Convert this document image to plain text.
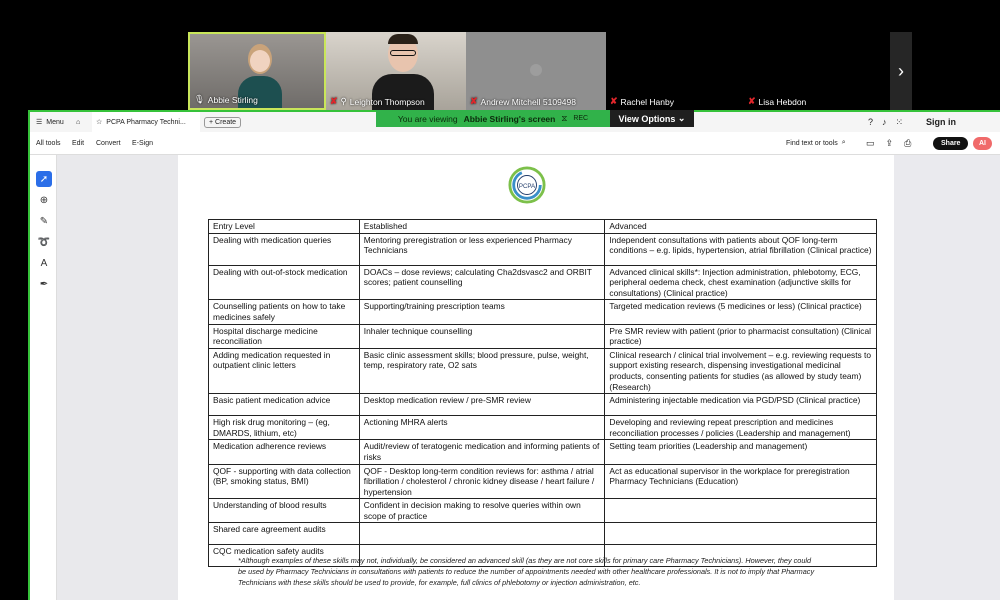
🎙 Abbie Stirling	✘ ⚲ Leighton Thompson	✘ Andrew Mitchell 5109498	✘ Rachel Hanby	✘ Lisa Hebdon
›
You are viewing Abbie Stirling's screen ⧖ REC	View Options
⌄
☰ Menu ⌂ ☆ PCPA Pharmacy Techni...	+ Create	? ♪ ⁙	Sign in
All tools Edit Convert E-Sign	Find text or tools ⌕ ▭ ⇪ ⎙	Share	AI
➚
⊕
✎
➰
A
✒
PCPA
Entry Level	Established	Advanced
Dealing with medication queries	Mentoring preregistration or less experienced Pharmacy Technicians	Independent consultations with patients about QOF long-term conditions – e.g. lipids, hypertension, atrial fibrillation (Clinical practice)
Dealing with out-of-stock medication	DOACs – dose reviews; calculating Cha2dsvasc2 and ORBIT scores; patient counselling	Advanced clinical skills*: Injection administration, phlebotomy, ECG, peripheral oedema check, chest examination (adjunctive skills for consultations) (Clinical practice)
Counselling patients on how to take medicines safely	Supporting/training prescription teams	Targeted medication reviews (5 medicines or less) (Clinical practice)
Hospital discharge medicine reconciliation	Inhaler technique counselling	Pre SMR review with patient (prior to pharmacist consultation) (Clinical practice)
Adding medication requested in outpatient clinic letters	Basic clinic assessment skills; blood pressure, pulse, weight, temp, respiratory rate, O2 sats	Clinical research / clinical trial involvement – e.g. reviewing requests to support existing research, dispensing investigational medicinal products, consenting patients for studies (as allowed by study team) (Research)
Basic patient medication advice	Desktop medication review / pre-SMR review	Administering injectable medication via PGD/PSD (Clinical practice)
High risk drug monitoring – (eg, DMARDS, lithium, etc)	Actioning MHRA alerts	Developing and reviewing repeat prescription and medicines reconciliation processes / policies (Leadership and management)
Medication adherence reviews	Audit/review of teratogenic medication and informing patients of risks	Setting team priorities (Leadership and management)
QOF - supporting with data collection (BP, smoking status, BMI)	QOF - Desktop long-term condition reviews for: asthma / atrial fibrillation / cholesterol / chronic kidney disease / heart failure / hypertension	Act as educational supervisor in the workplace for preregistration Pharmacy Technicians (Education)
Understanding of blood results	Confident in decision making to resolve queries within own scope of practice	
Shared care agreement audits		
CQC medication safety audits		
*Although examples of these skills may not, individually, be considered an advanced skill (as they are not core skills for primary care Pharmacy Technicians). However, they could be used by Pharmacy Technicians in consultations with patients to reduce the number of appointments needed with other healthcare professionals. It is not to imply that Pharmacy Technicians with these skills should be used to provide, for example, full clinics of phlebotomy or injection administration, etc.
